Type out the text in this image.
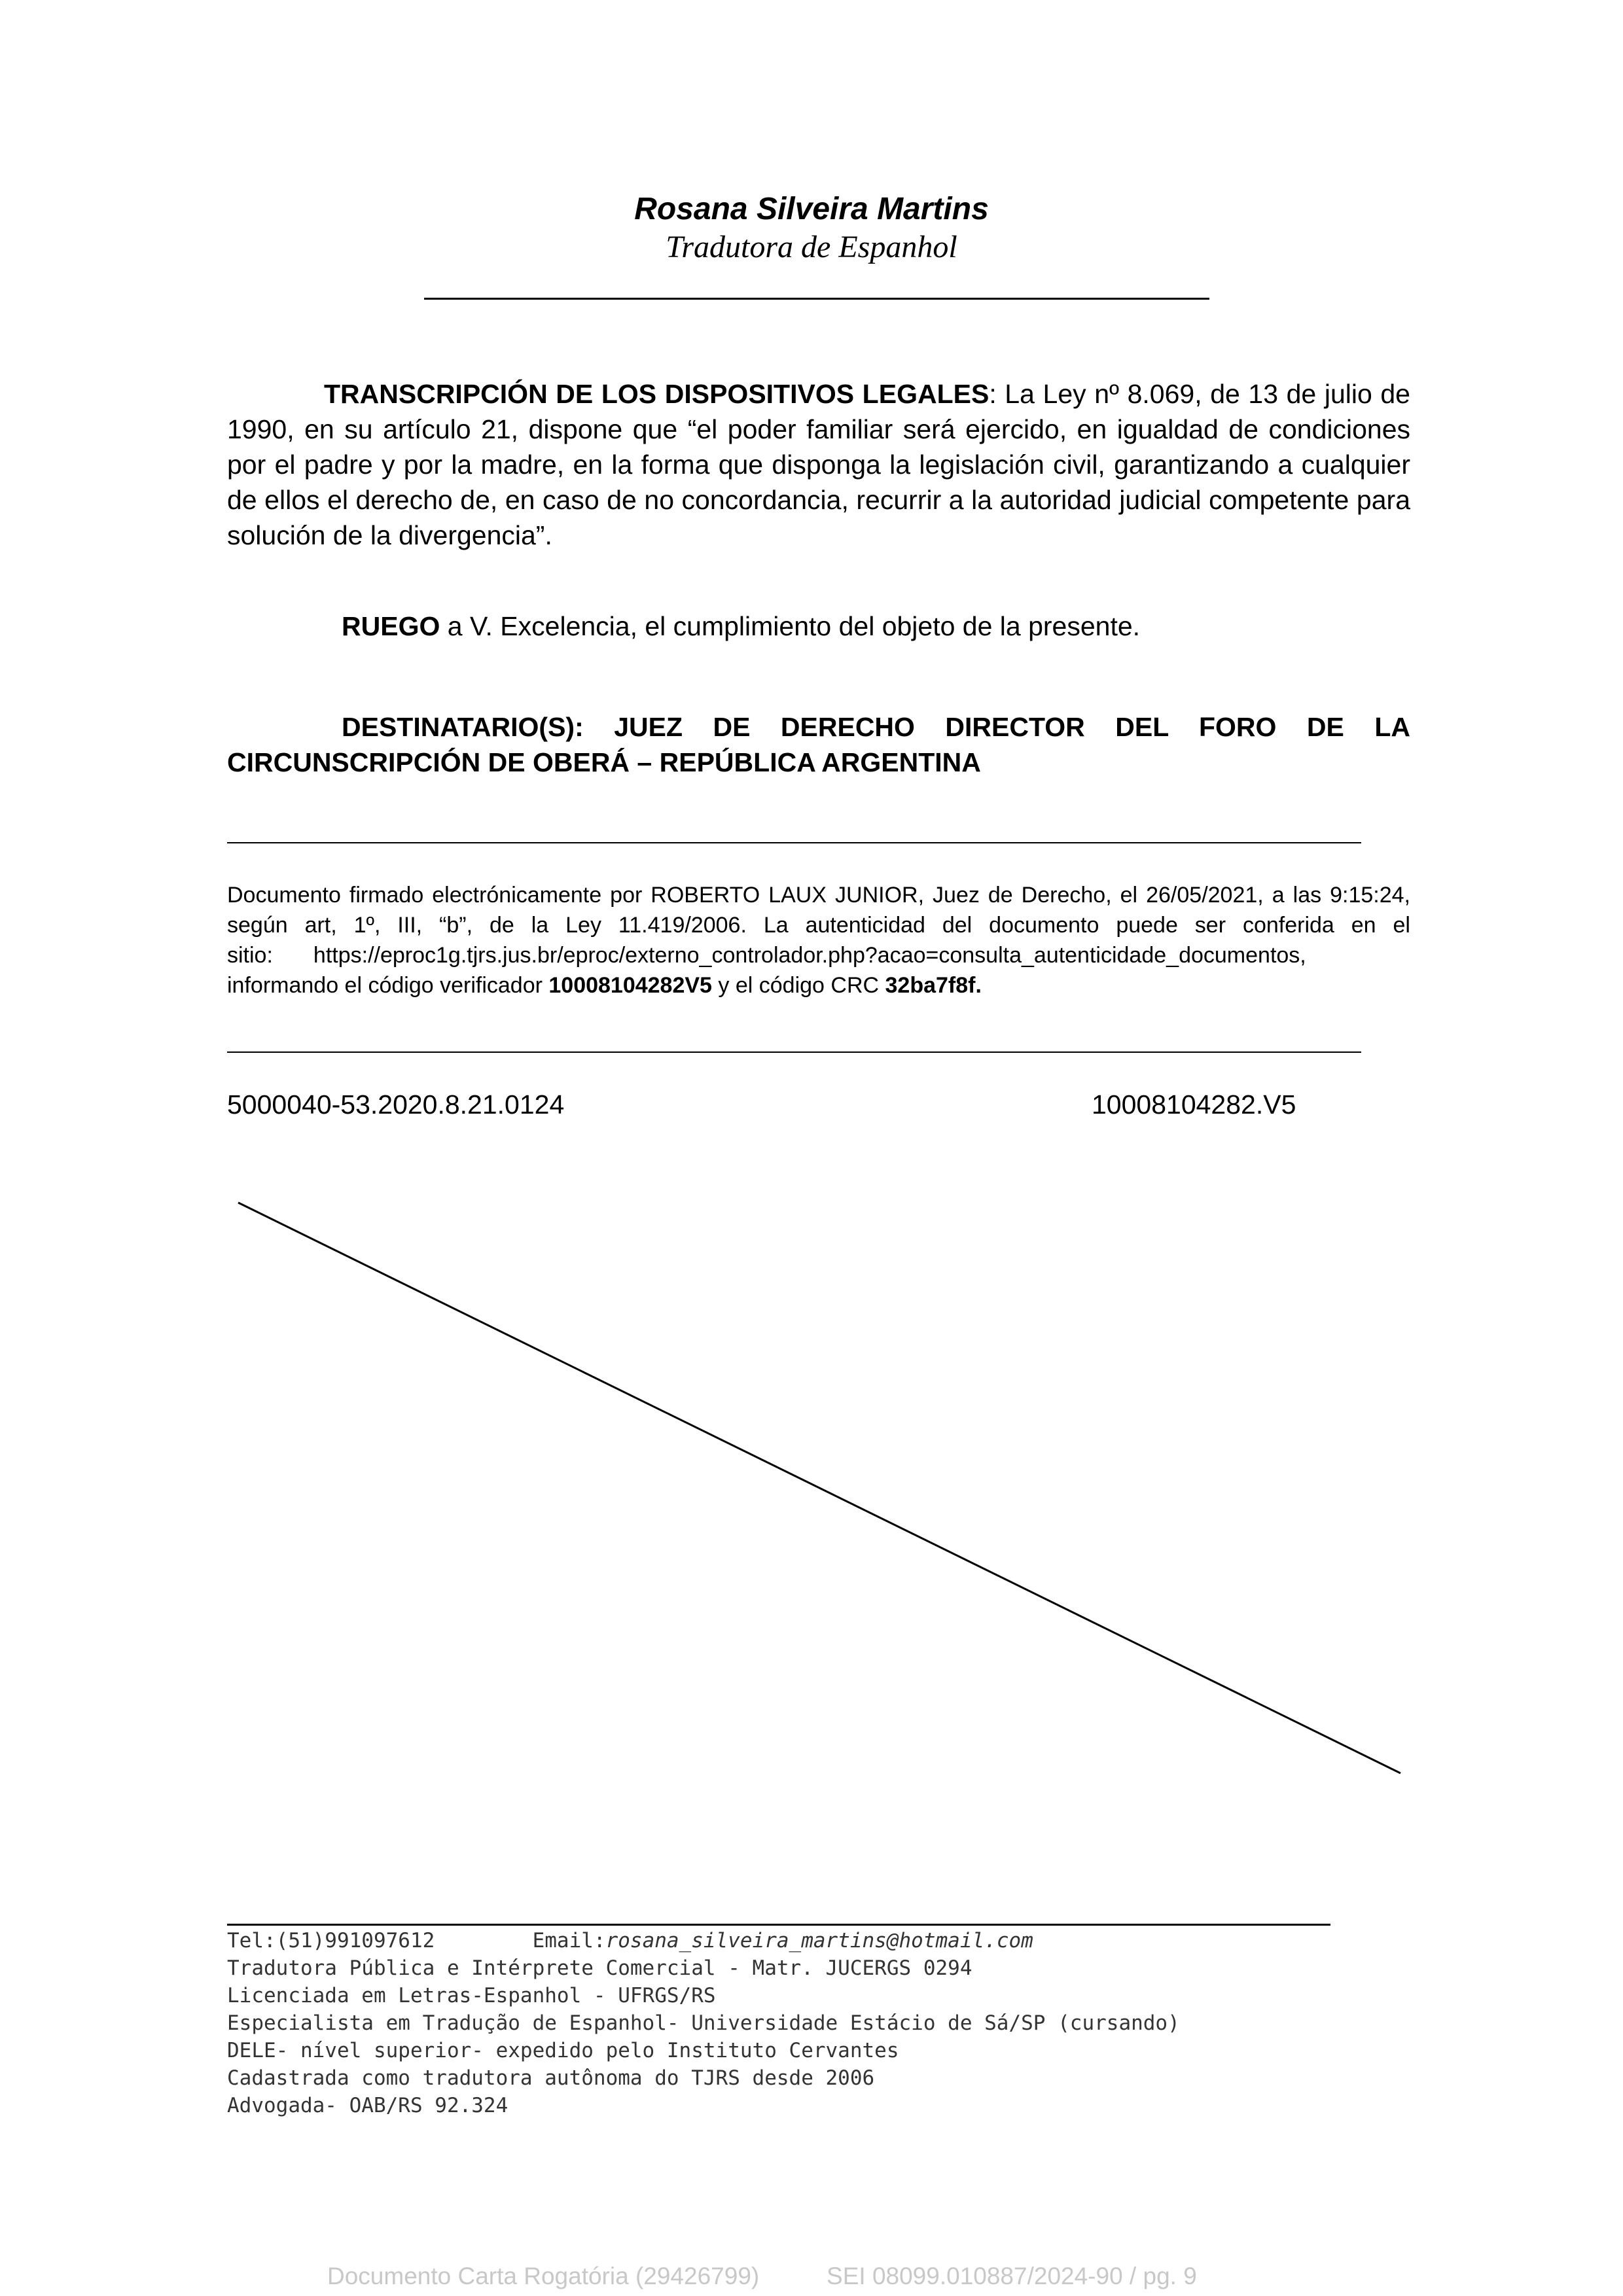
Rosana Silveira Martins
Tradutora de Espanhol
TRANSCRIPCIÓN DE LOS DISPOSITIVOS LEGALES: La Ley nº 8.069, de 13 de julio de 1990, en su artículo 21, dispone que “el poder familiar será ejercido, en igualdad de condiciones por el padre y por la madre, en la forma que disponga la legislación civil, garantizando a cualquier de ellos el derecho de, en caso de no concordancia, recurrir a la autoridad judicial competente para solución de la divergencia”.
RUEGO a V. Excelencia, el cumplimiento del objeto de la presente.
DESTINATARIO(S): JUEZ DE DERECHO DIRECTOR DEL FORO DE LA
CIRCUNSCRIPCIÓN DE OBERÁ – REPÚBLICA ARGENTINA
Documento firmado electrónicamente por ROBERTO LAUX JUNIOR, Juez de Derecho, el 26/05/2021, a las 9:15:24, según art, 1º, III, “b”, de la Ley 11.419/2006. La autenticidad del documento puede ser conferida en el sitio: https://eproc1g.tjrs.jus.br/eproc/externo_controlador.php?acao=consulta_autenticidade_documentos, informando el código verificador 10008104282V5 y el código CRC 32ba7f8f.
5000040-53.2020.8.21.0124	10008104282.V5
Tel:(51)991097612	Email:rosana_silveira_martins@hotmail.com
Tradutora Pública e Intérprete Comercial - Matr. JUCERGS 0294
Licenciada em Letras-Espanhol - UFRGS/RS
Especialista em Tradução de Espanhol- Universidade Estácio de Sá/SP (cursando)
DELE- nível superior- expedido pelo Instituto Cervantes
Cadastrada como tradutora autônoma do TJRS desde 2006
Advogada- OAB/RS 92.324
Documento Carta Rogatória (29426799)	SEI 08099.010887/2024-90 / pg. 9
